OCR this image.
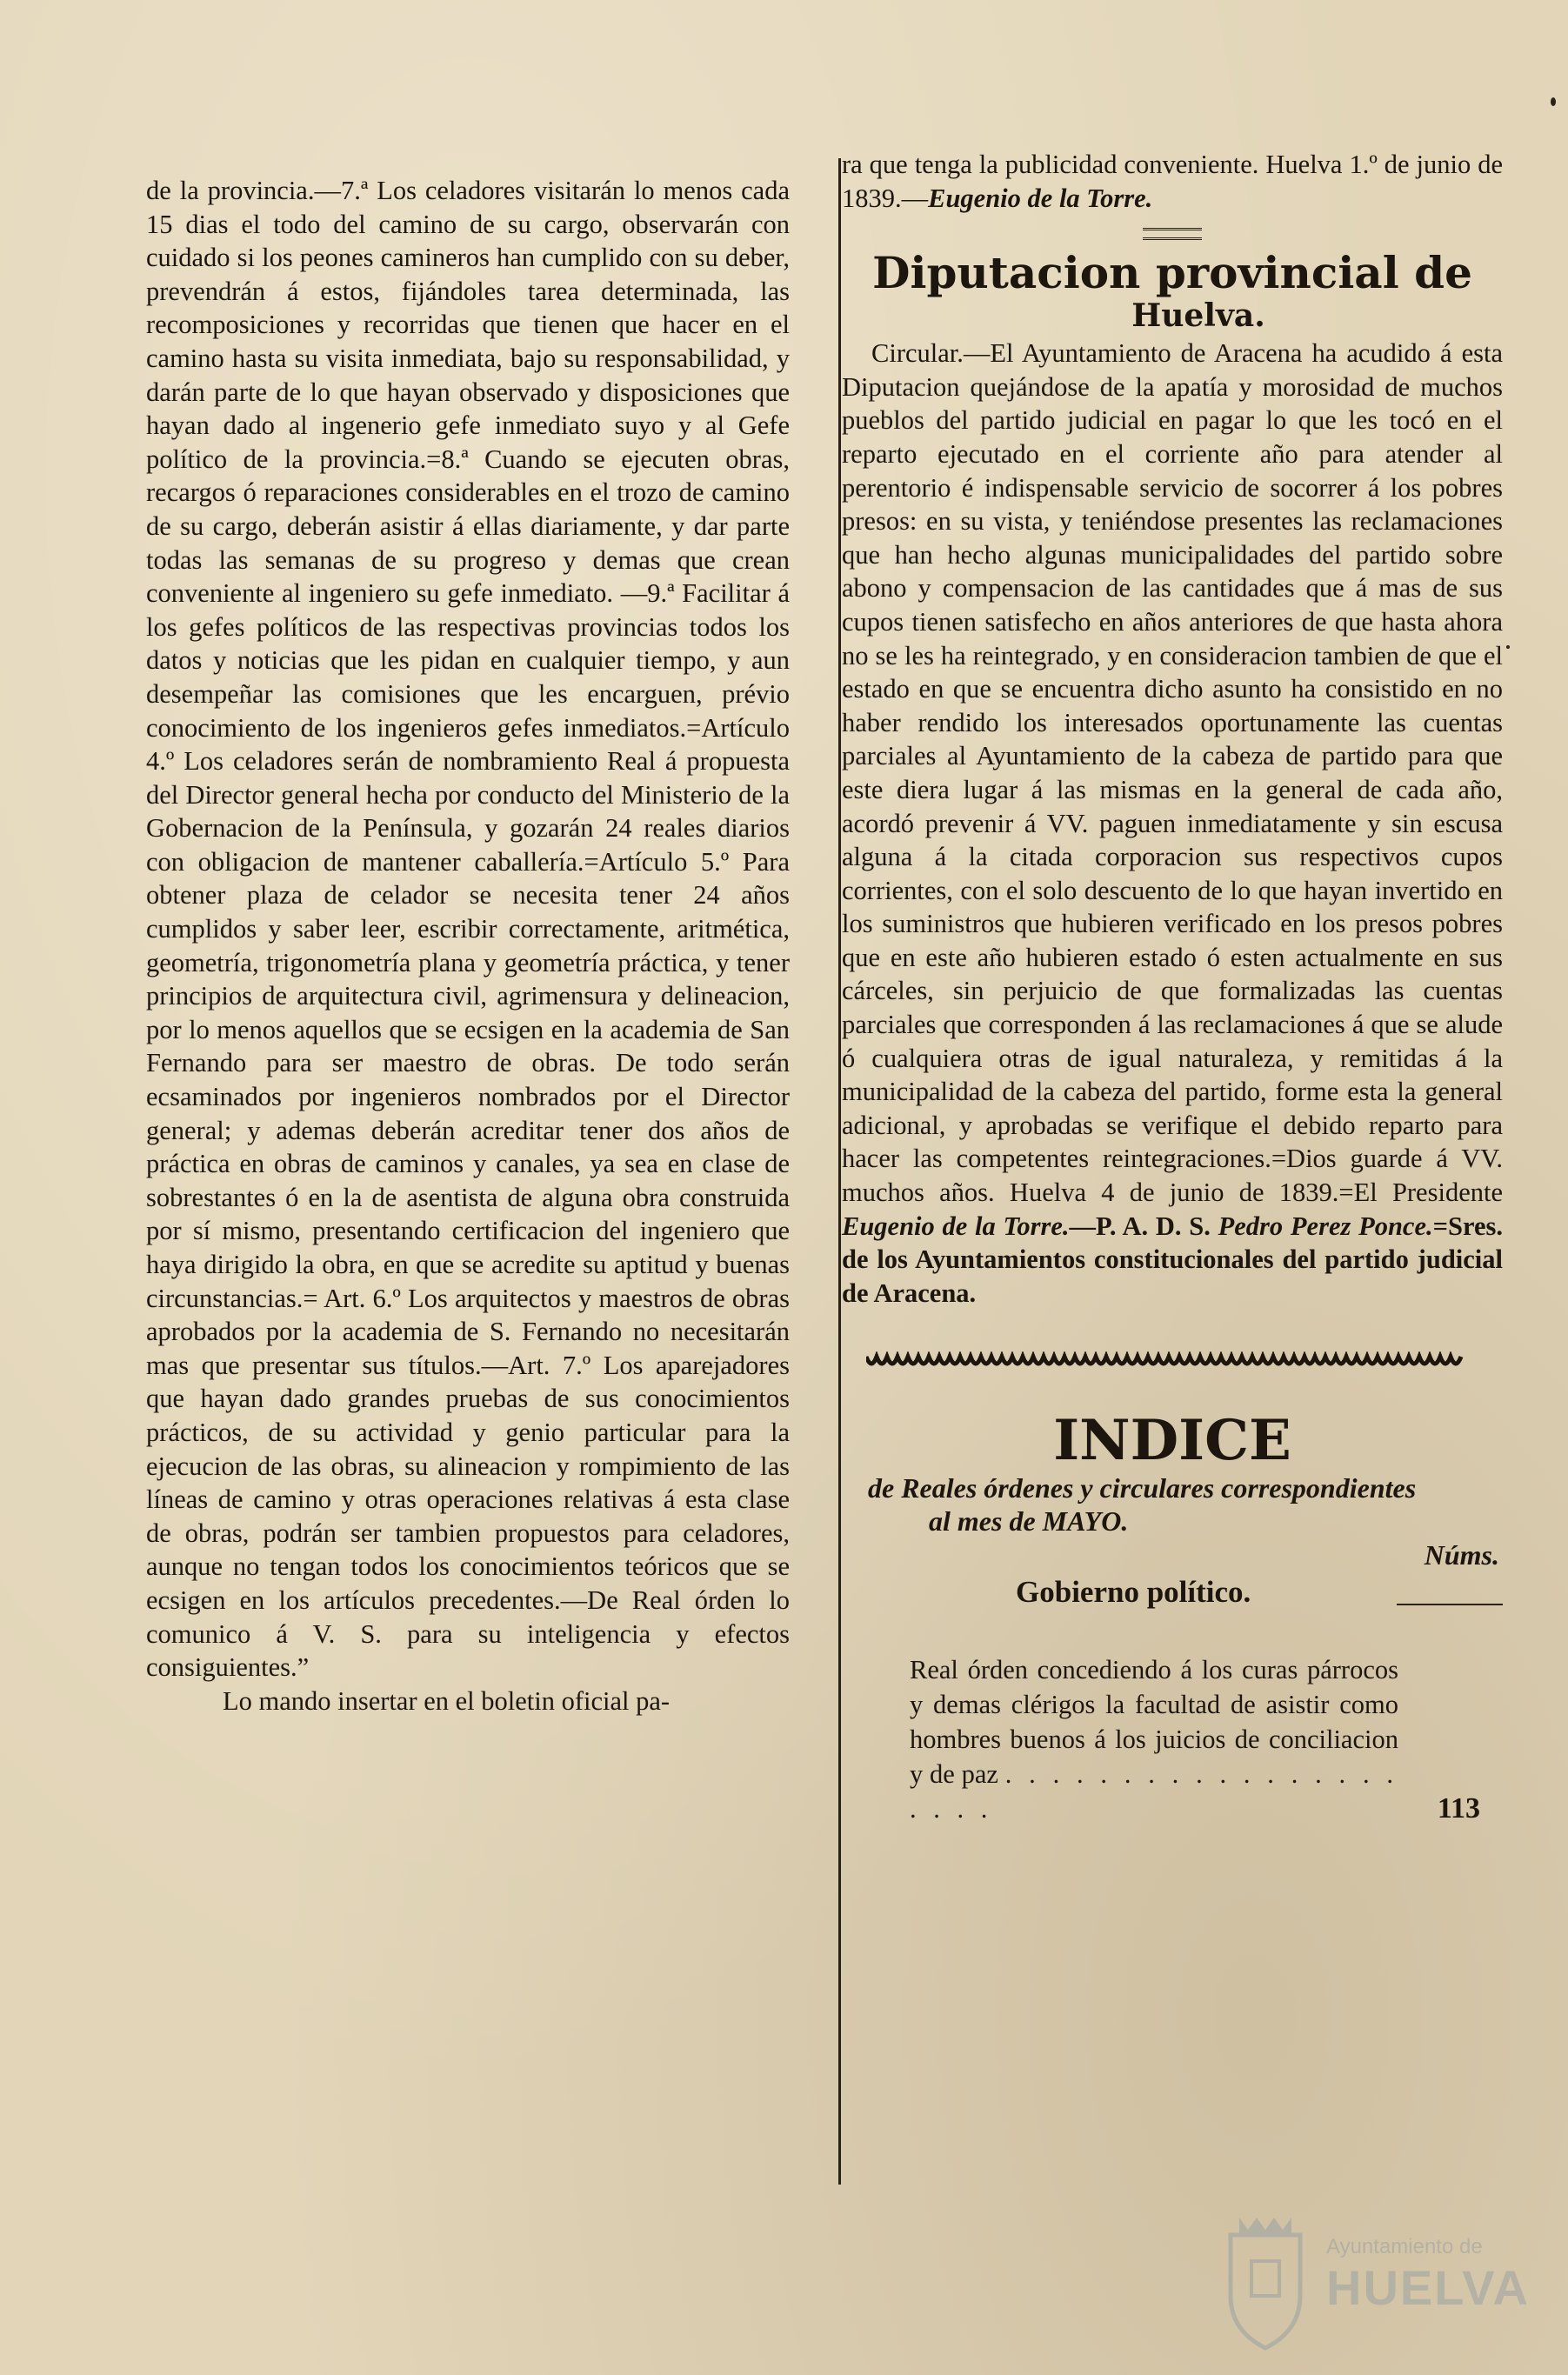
de la provincia.—7.ª Los celadores visitarán lo menos cada 15 dias el todo del camino de su cargo, observarán con cuidado si los peones camineros han cumplido con su deber, prevendrán á estos, fijándoles tarea determinada, las recomposiciones y recorridas que tienen que hacer en el camino hasta su visita inmediata, bajo su responsabilidad, y darán parte de lo que hayan observado y disposiciones que hayan dado al ingenerio gefe inmediato suyo y al Gefe político de la provincia.=8.ª Cuando se ejecuten obras, recargos ó reparaciones considerables en el trozo de camino de su cargo, deberán asistir á ellas diariamente, y dar parte todas las semanas de su progreso y demas que crean conveniente al ingeniero su gefe inmediato. —9.ª Facilitar á los gefes políticos de las respectivas provincias todos los datos y noticias que les pidan en cualquier tiempo, y aun desempeñar las comisiones que les encarguen, prévio conocimiento de los ingenieros gefes inmediatos.=Artículo 4.º Los celadores serán de nombramiento Real á propuesta del Director general hecha por conducto del Ministerio de la Gobernacion de la Península, y gozarán 24 reales diarios con obligacion de mantener caballería.=Artículo 5.º Para obtener plaza de celador se necesita tener 24 años cumplidos y saber leer, escribir correctamente, aritmética, geometría, trigonometría plana y geometría práctica, y tener principios de arquitectura civil, agrimensura y delineacion, por lo menos aquellos que se ecsigen en la academia de San Fernando para ser maestro de obras. De todo serán ecsaminados por ingenieros nombrados por el Director general; y ademas deberán acreditar tener dos años de práctica en obras de caminos y canales, ya sea en clase de sobrestantes ó en la de asentista de alguna obra construida por sí mismo, presentando certificacion del ingeniero que haya dirigido la obra, en que se acredite su aptitud y buenas circunstancias.= Art. 6.º Los arquitectos y maestros de obras aprobados por la academia de S. Fernando no necesitarán mas que presentar sus títulos.—Art. 7.º Los aparejadores que hayan dado grandes pruebas de sus conocimientos prácticos, de su actividad y genio particular para la ejecucion de las obras, su alineacion y rompimiento de las líneas de camino y otras operaciones relativas á esta clase de obras, podrán ser tambien propuestos para celadores, aunque no tengan todos los conocimientos teóricos que se ecsigen en los artículos precedentes.—De Real órden lo comunico á V. S. para su inteligencia y efectos consiguientes.”

Lo mando insertar en el boletin oficial pa-

ra que tenga la publicidad conveniente. Huelva 1.º de junio de 1839.—Eugenio de la Torre.

Diputacion provincial de
Huelva.

Circular.—El Ayuntamiento de Aracena ha acudido á esta Diputacion quejándose de la apatía y morosidad de muchos pueblos del partido judicial en pagar lo que les tocó en el reparto ejecutado en el corriente año para atender al perentorio é indispensable servicio de socorrer á los pobres presos: en su vista, y teniéndose presentes las reclamaciones que han hecho algunas municipalidades del partido sobre abono y compensacion de las cantidades que á mas de sus cupos tienen satisfecho en años anteriores de que hasta ahora no se les ha reintegrado, y en consideracion tambien de que el estado en que se encuentra dicho asunto ha consistido en no haber rendido los interesados oportunamente las cuentas parciales al Ayuntamiento de la cabeza de partido para que este diera lugar á las mismas en la general de cada año, acordó prevenir á VV. paguen inmediatamente y sin escusa alguna á la citada corporacion sus respectivos cupos corrientes, con el solo descuento de lo que hayan invertido en los suministros que hubieren verificado en los presos pobres que en este año hubieren estado ó esten actualmente en sus cárceles, sin perjuicio de que formalizadas las cuentas parciales que corresponden á las reclamaciones á que se alude ó cualquiera otras de igual naturaleza, y remitidas á la municipalidad de la cabeza del partido, forme esta la general adicional, y aprobadas se verifique el debido reparto para hacer las competentes reintegraciones.=Dios guarde á VV. muchos años. Huelva 4 de junio de 1839.=El Presidente Eugenio de la Torre.—P. A. D. S. Pedro Perez Ponce.=Sres. de los Ayuntamientos constitucionales del partido judicial de Aracena.

INDICE
de Reales órdenes y circulares correspondientes
al mes de MAYO.
Núms.
Gobierno político.
Real órden concediendo á los curas párrocos y demas clérigos la facultad de asistir como hombres buenos á los juicios de conciliacion y de paz . . . . . . . . . . . . . . . . . . . . .	113
Ayuntamiento de
HUELVA
